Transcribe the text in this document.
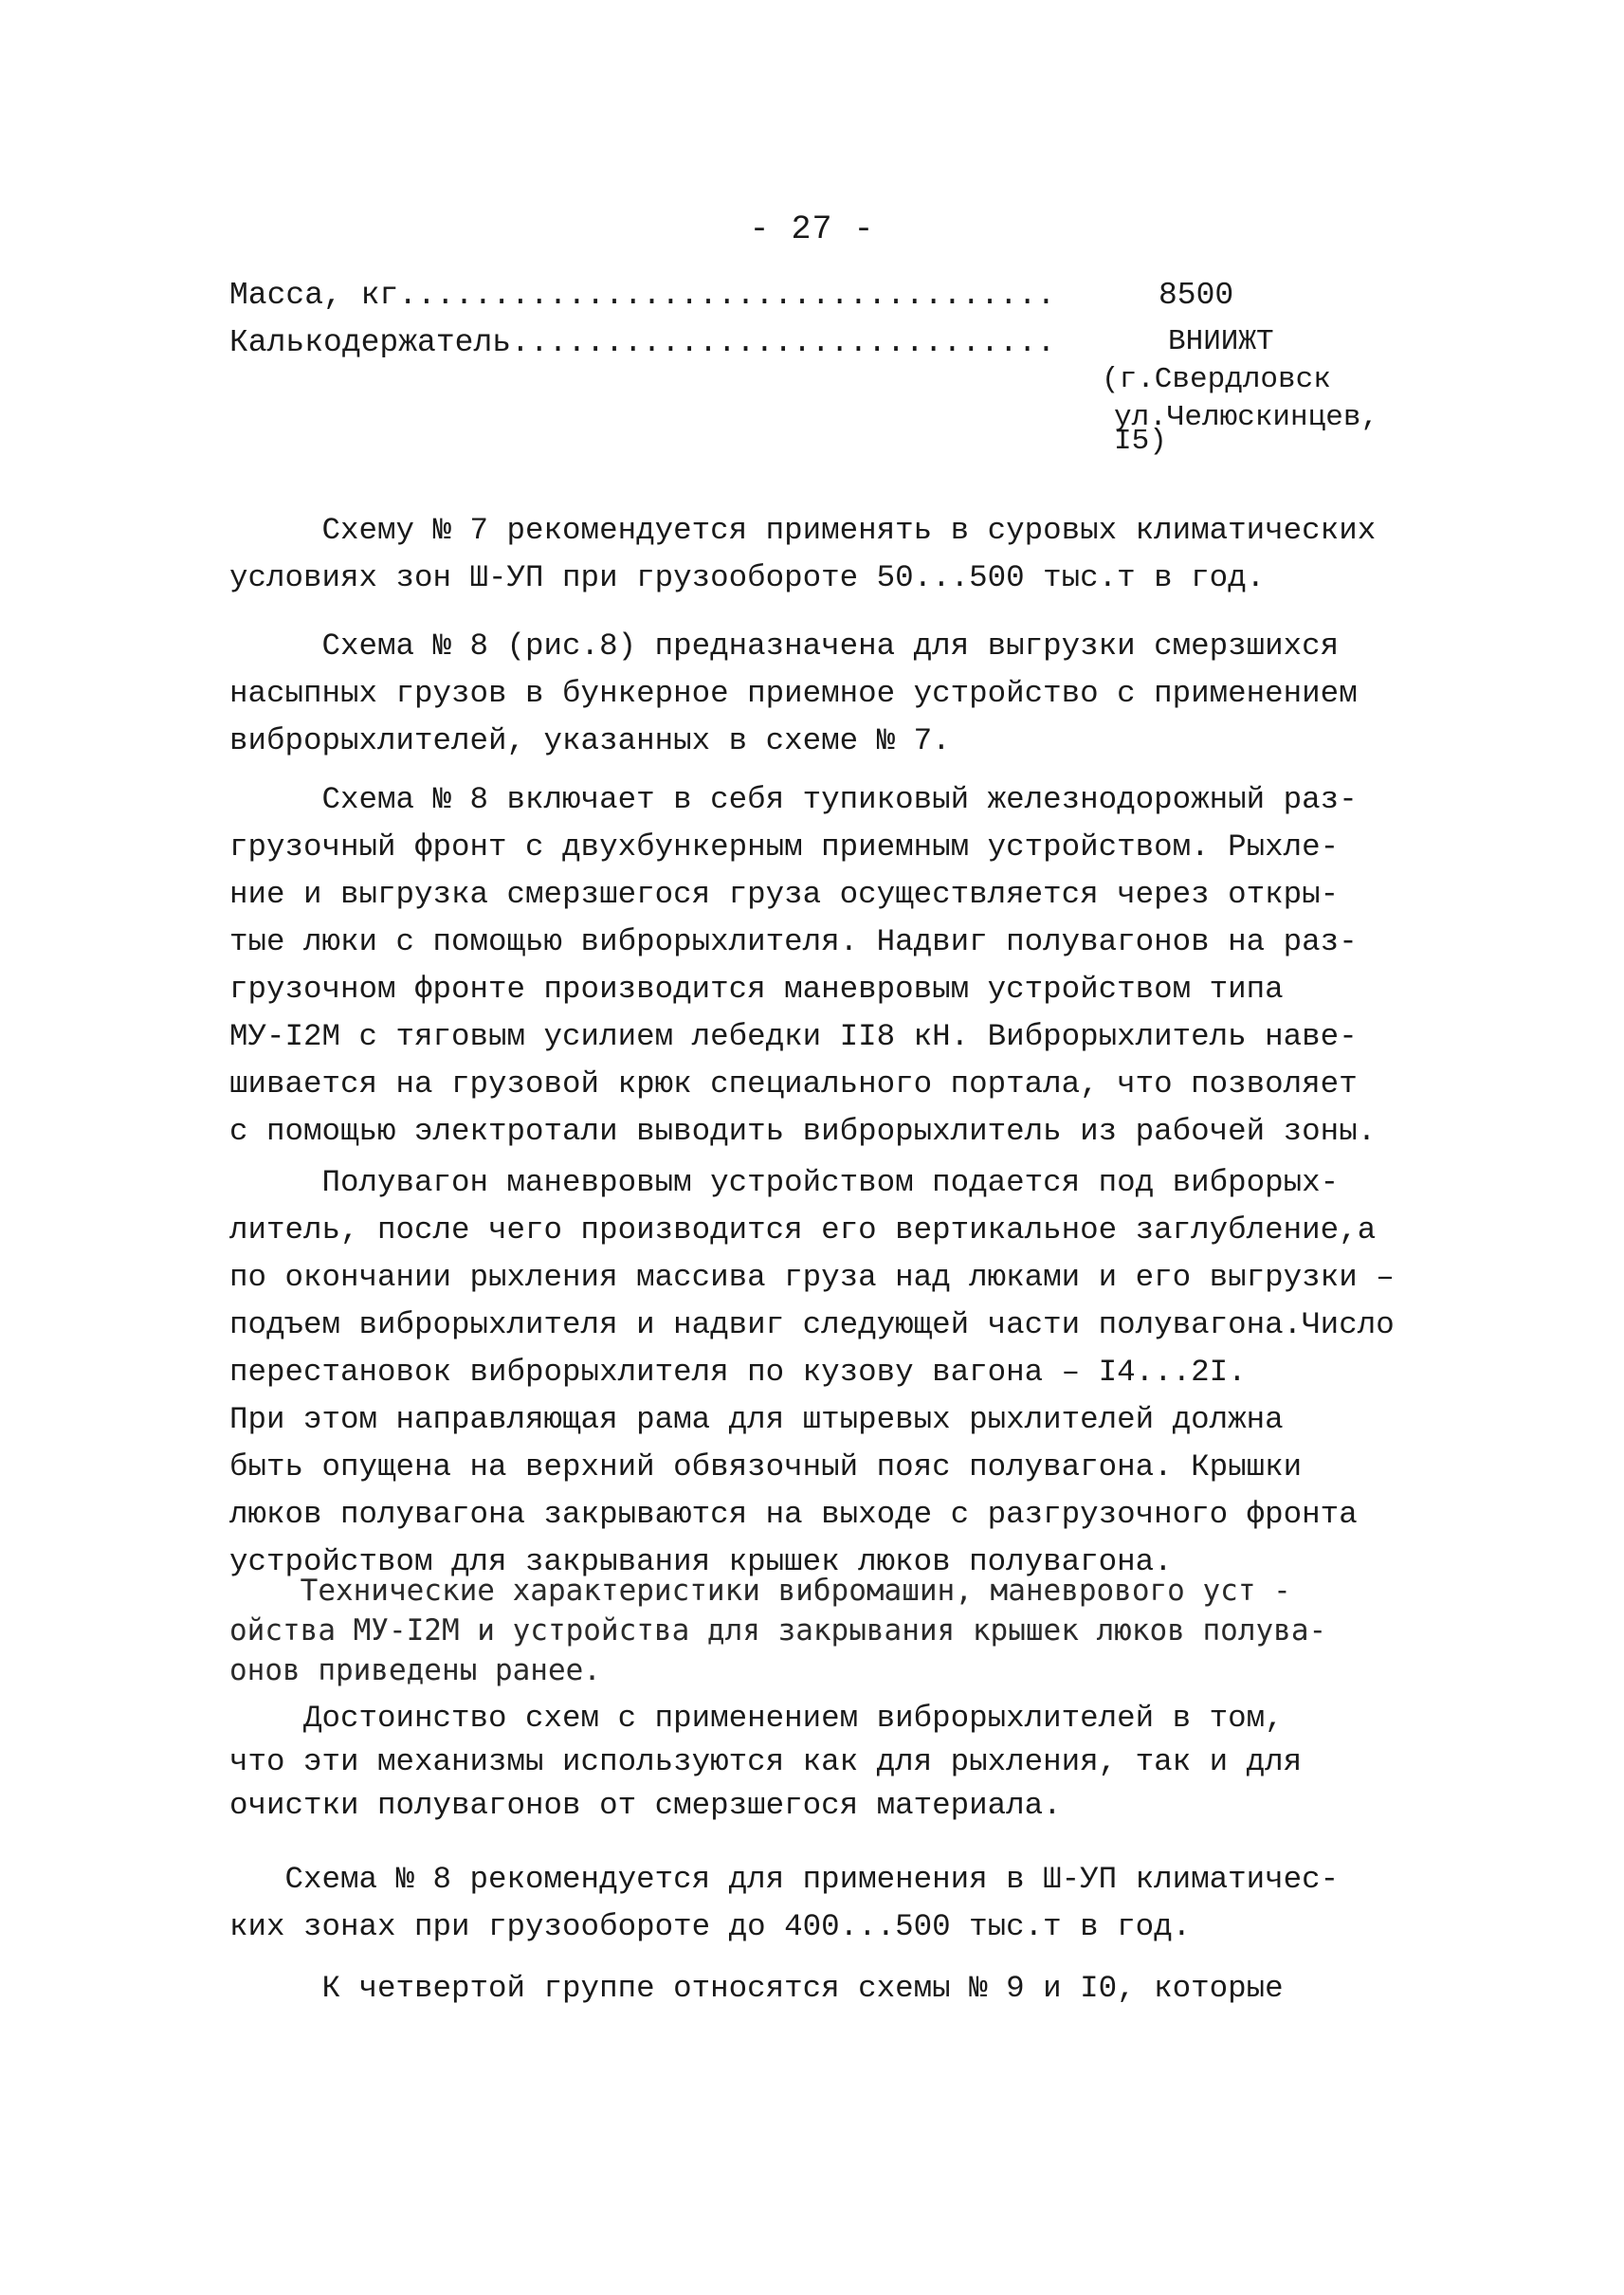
- 27 -
Масса, кг...................................	8500
Калькодержатель.............................	ВНИИЖТ
(г.Свердловск
ул.Челюскинцев,
I5)
Схему № 7 рекомендуется применять в суровых климатических
условиях зон Ш-УП при грузообороте 50...500 тыс.т в год.
Схема № 8 (рис.8) предназначена для выгрузки смерзшихся
насыпных грузов в бункерное приемное устройство с применением
виброрыхлителей, указанных в схеме № 7.
Схема № 8 включает в себя тупиковый железнодорожный раз-
грузочный фронт с двухбункерным приемным устройством. Рыхле-
ние и выгрузка смерзшегося груза осуществляется через откры-
тые люки с помощью виброрыхлителя. Надвиг полувагонов на раз-
грузочном фронте производится маневровым устройством типа
МУ-I2M с тяговым усилием лебедки II8 кН. Виброрыхлитель наве-
шивается на грузовой крюк специального портала, что позволяет
с помощью электротали выводить виброрыхлитель из рабочей зоны.
Полувагон маневровым устройством подается под виброрых-
литель, после чего производится его вертикальное заглубление,а
по окончании рыхления массива груза над люками и его выгрузки –
подъем виброрыхлителя и надвиг следующей части полувагона.Число
перестановок виброрыхлителя по кузову вагона – I4...2I.
При этом направляющая рама для штыревых рыхлителей должна
быть опущена на верхний обвязочный пояс полувагона. Крышки
люков полувагона закрываются на выходе с разгрузочного фронта
устройством для закрывания крышек люков полувагона.
Технические характеристики вибромашин, маневрового уст -
ойства МУ-I2M и устройства для закрывания крышек люков полува-
онов приведены ранее.
Достоинство схем с применением виброрыхлителей в том,
что эти механизмы используются как для рыхления, так и для
очистки полувагонов от смерзшегося материала.
Схема № 8 рекомендуется для применения в Ш-УП климатичес-
ких зонах при грузообороте до 400...500 тыс.т в год.
К четвертой группе относятся схемы № 9 и I0, которые
